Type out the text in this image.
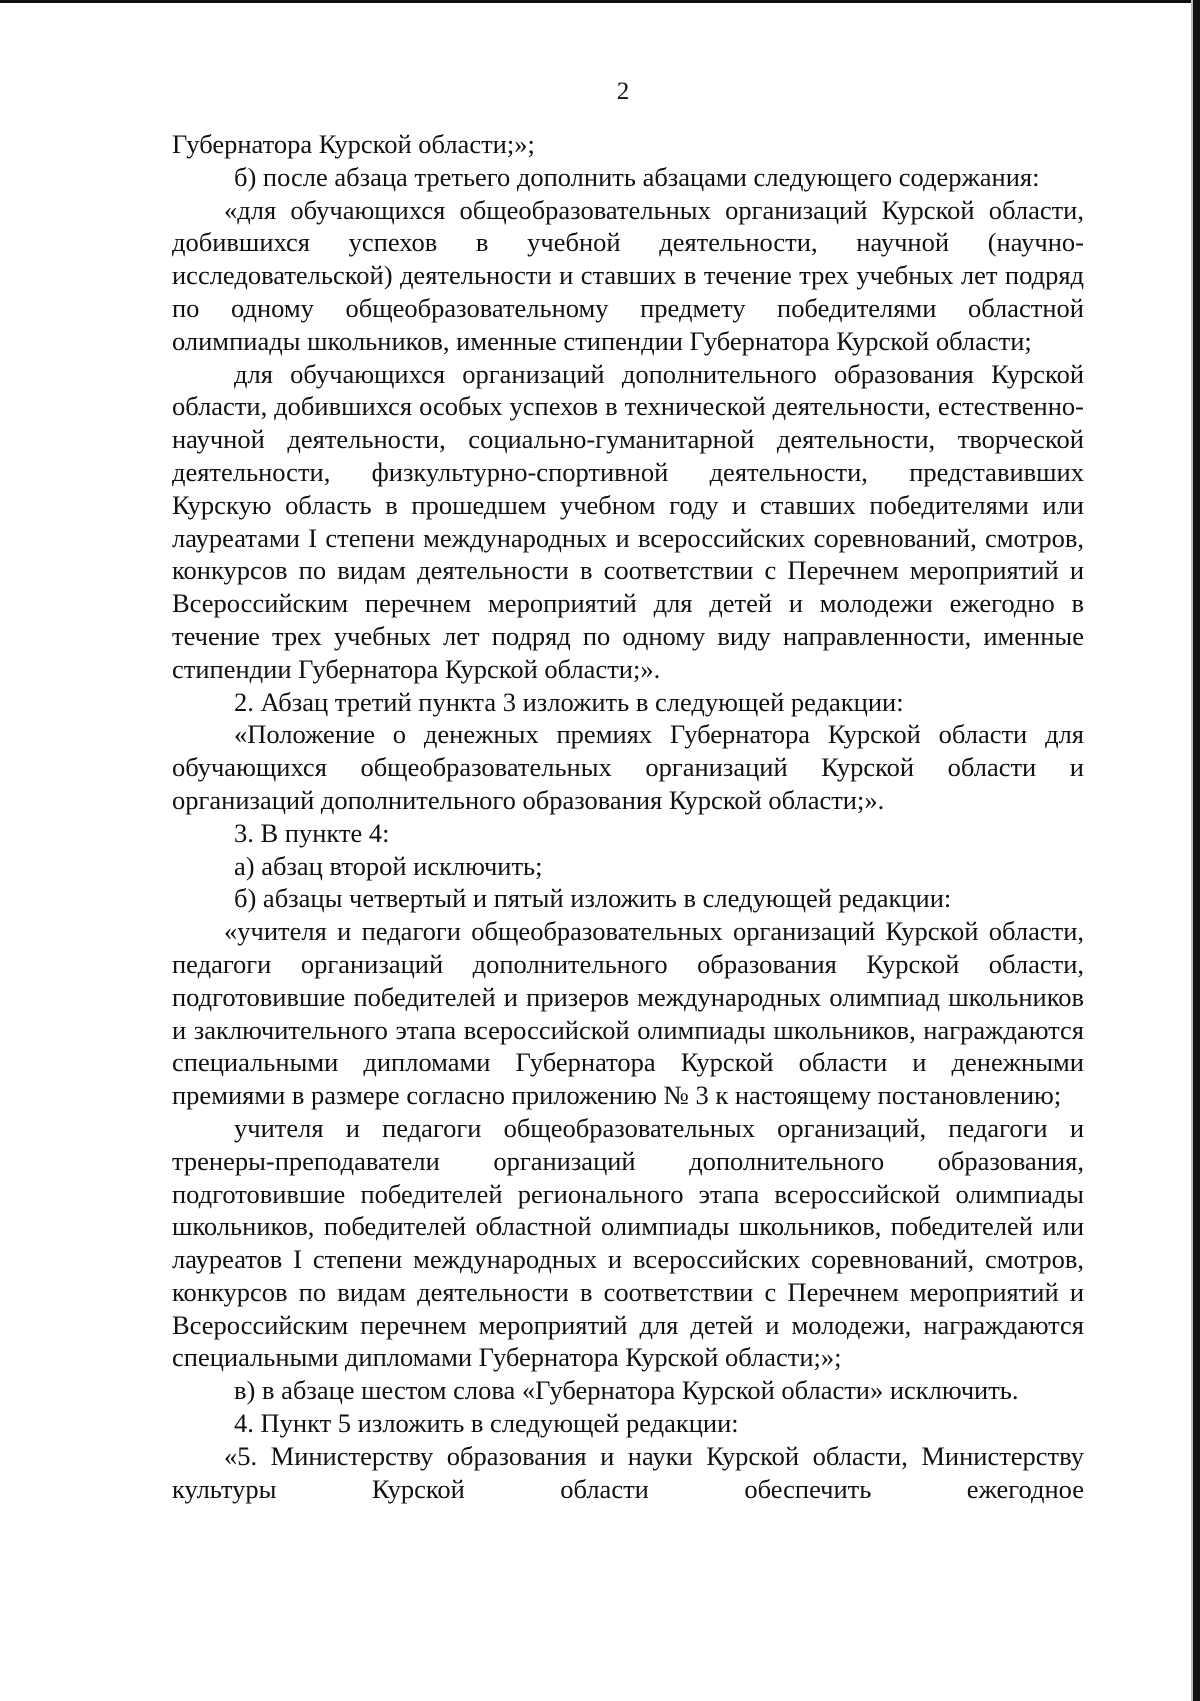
2

Губернатора Курской области;»;

б) после абзаца третьего дополнить абзацами следующего содержания:

«для обучающихся общеобразовательных организаций Курской области, добившихся успехов в учебной деятельности, научной (научно-исследовательской) деятельности и ставших в течение трех учебных лет подряд по одному общеобразовательному предмету победителями областной олимпиады школьников, именные стипендии Губернатора Курской области;

для обучающихся организаций дополнительного образования Курской области, добившихся особых успехов в технической деятельности, естественно-научной деятельности, социально-гуманитарной деятельности, творческой деятельности, физкультурно-спортивной деятельности, представивших Курскую область в прошедшем учебном году и ставших победителями или лауреатами I степени международных и всероссийских соревнований, смотров, конкурсов по видам деятельности в соответствии с Перечнем мероприятий и Всероссийским перечнем мероприятий для детей и молодежи ежегодно в течение трех учебных лет подряд по одному виду направленности, именные стипендии Губернатора Курской области;».

2. Абзац третий пункта 3 изложить в следующей редакции:

«Положение о денежных премиях Губернатора Курской области для обучающихся общеобразовательных организаций Курской области и организаций дополнительного образования Курской области;».

3. В пункте 4:

а) абзац второй исключить;

б) абзацы четвертый и пятый изложить в следующей редакции:

«учителя и педагоги общеобразовательных организаций Курской области, педагоги организаций дополнительного образования Курской области, подготовившие победителей и призеров международных олимпиад школьников и заключительного этапа всероссийской олимпиады школьников, награждаются специальными дипломами Губернатора Курской области и денежными премиями в размере согласно приложению № 3 к настоящему постановлению;

учителя и педагоги общеобразовательных организаций, педагоги и тренеры-преподаватели организаций дополнительного образования, подготовившие победителей регионального этапа всероссийской олимпиады школьников, победителей областной олимпиады школьников, победителей или лауреатов I степени международных и всероссийских соревнований, смотров, конкурсов по видам деятельности в соответствии с Перечнем мероприятий и Всероссийским перечнем мероприятий для детей и молодежи, награждаются специальными дипломами Губернатора Курской области;»;

в) в абзаце шестом слова «Губернатора Курской области» исключить.

4. Пункт 5 изложить в следующей редакции:

«5. Министерству образования и науки Курской области, Министерству культуры Курской области обеспечить ежегодное
